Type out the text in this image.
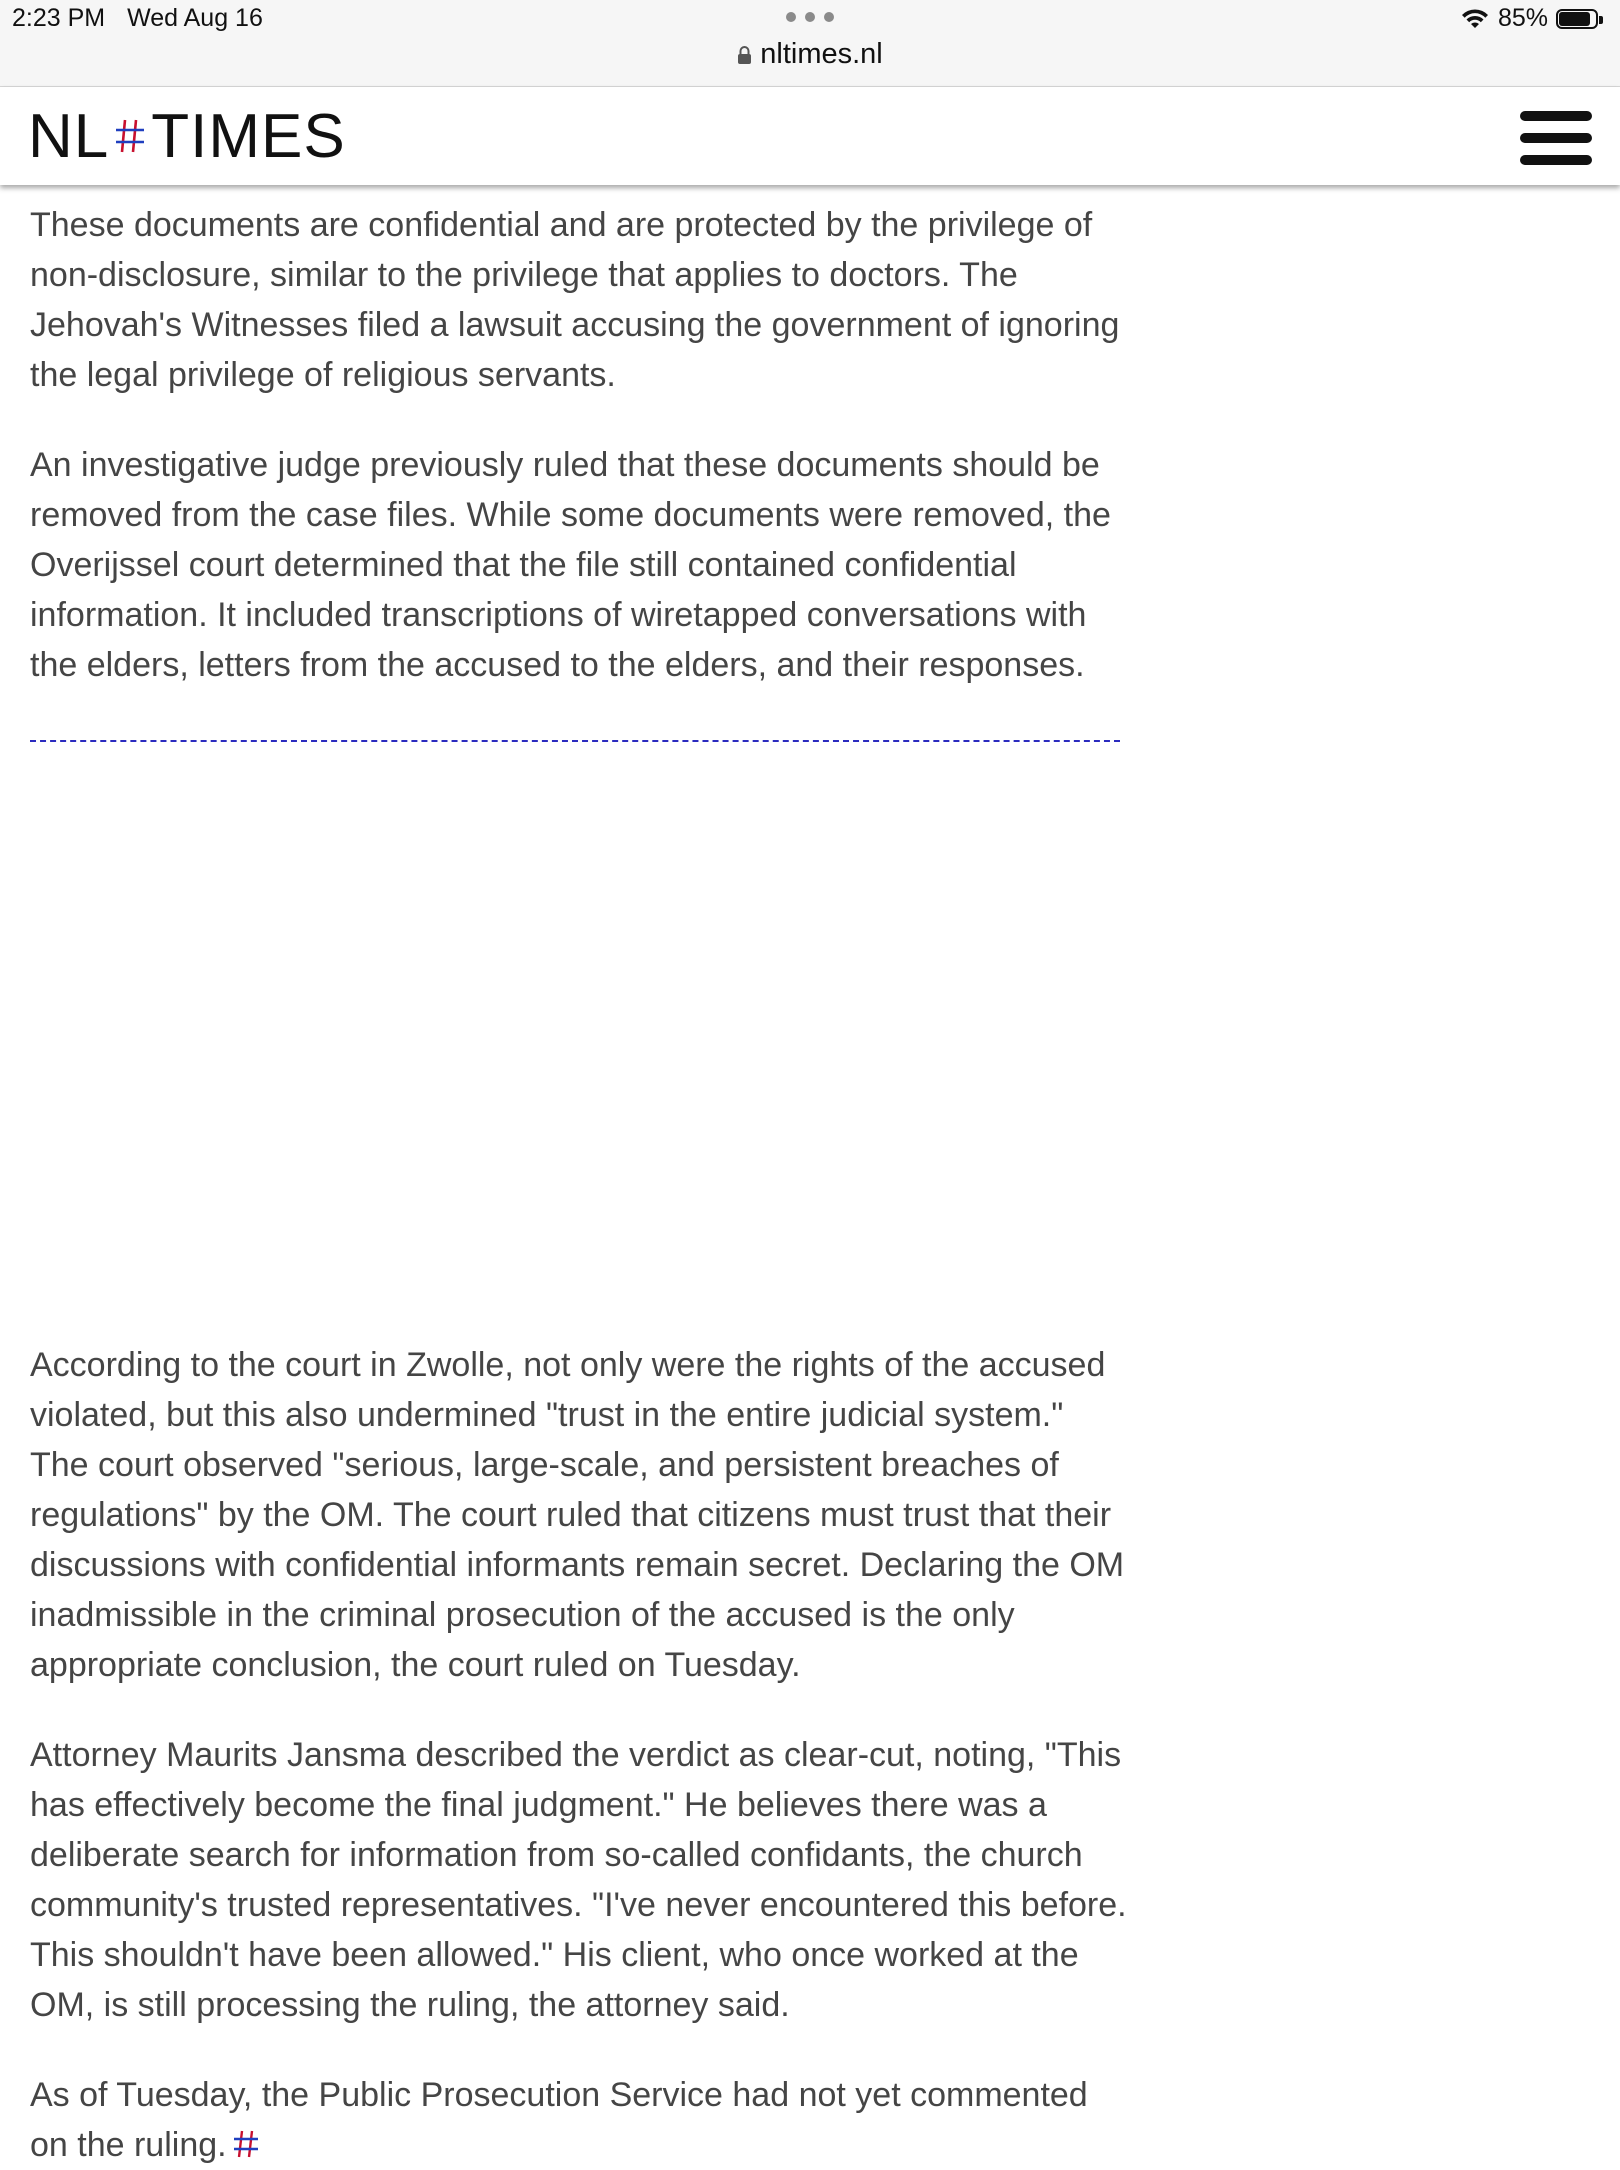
2:23 PM Wed Aug 16	85%
nltimes.nl
NL TIMES

These documents are confidential and are protected by the privilege of non-disclosure, similar to the privilege that applies to doctors. The Jehovah's Witnesses filed a lawsuit accusing the government of ignoring the legal privilege of religious servants.

An investigative judge previously ruled that these documents should be removed from the case files. While some documents were removed, the Overijssel court determined that the file still contained confidential information. It included transcriptions of wiretapped conversations with the elders, letters from the accused to the elders, and their responses.

According to the court in Zwolle, not only were the rights of the accused violated, but this also undermined "trust in the entire judicial system." The court observed "serious, large-scale, and persistent breaches of regulations" by the OM. The court ruled that citizens must trust that their discussions with confidential informants remain secret. Declaring the OM inadmissible in the criminal prosecution of the accused is the only appropriate conclusion, the court ruled on Tuesday.

Attorney Maurits Jansma described the verdict as clear-cut, noting, "This has effectively become the final judgment." He believes there was a deliberate search for information from so-called confidants, the church community's trusted representatives. "I've never encountered this before. This shouldn't have been allowed." His client, who once worked at the OM, is still processing the ruling, the attorney said.

As of Tuesday, the Public Prosecution Service had not yet commented on the ruling.
